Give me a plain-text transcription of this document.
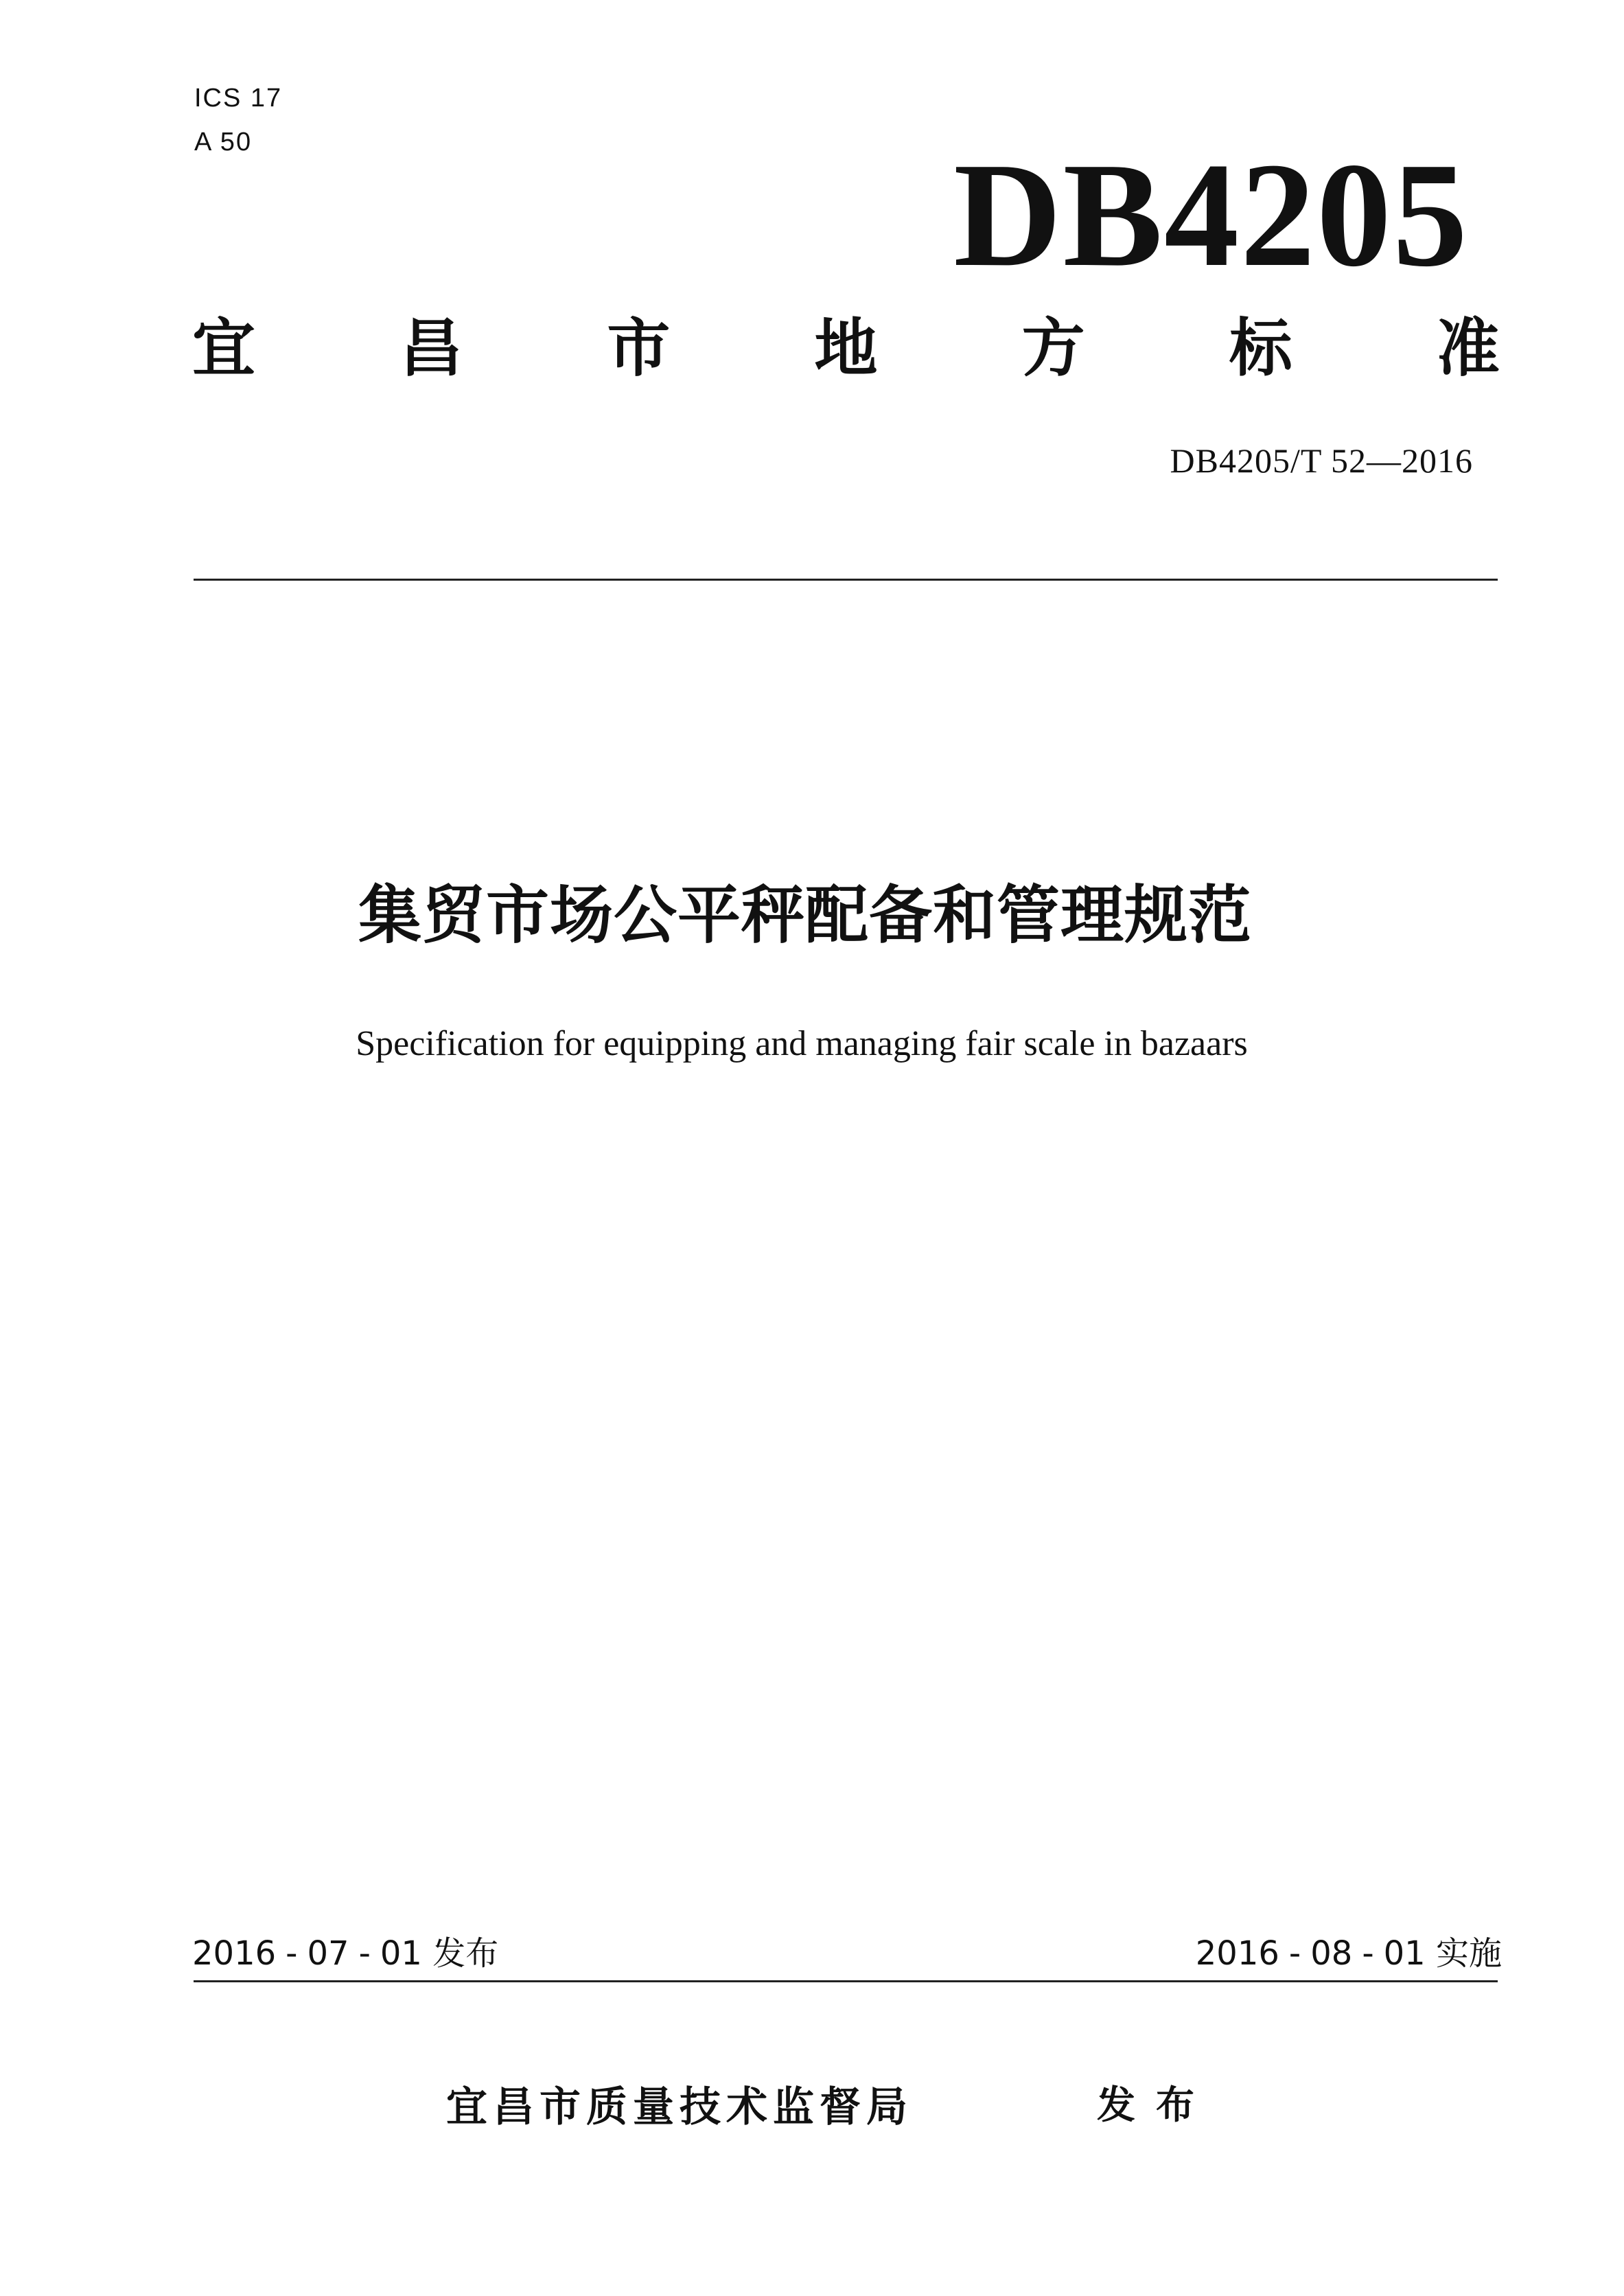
ICS 17
A 50	DB4205
宜 昌 市 地 方 标 准
DB4205/T 52—2016
集贸市场公平秤配备和管理规范
Specification for equipping and managing fair scale in bazaars
2016 - 07 - 01 发布	2016 - 08 - 01 实施
宜昌市质量技术监督局	发布
